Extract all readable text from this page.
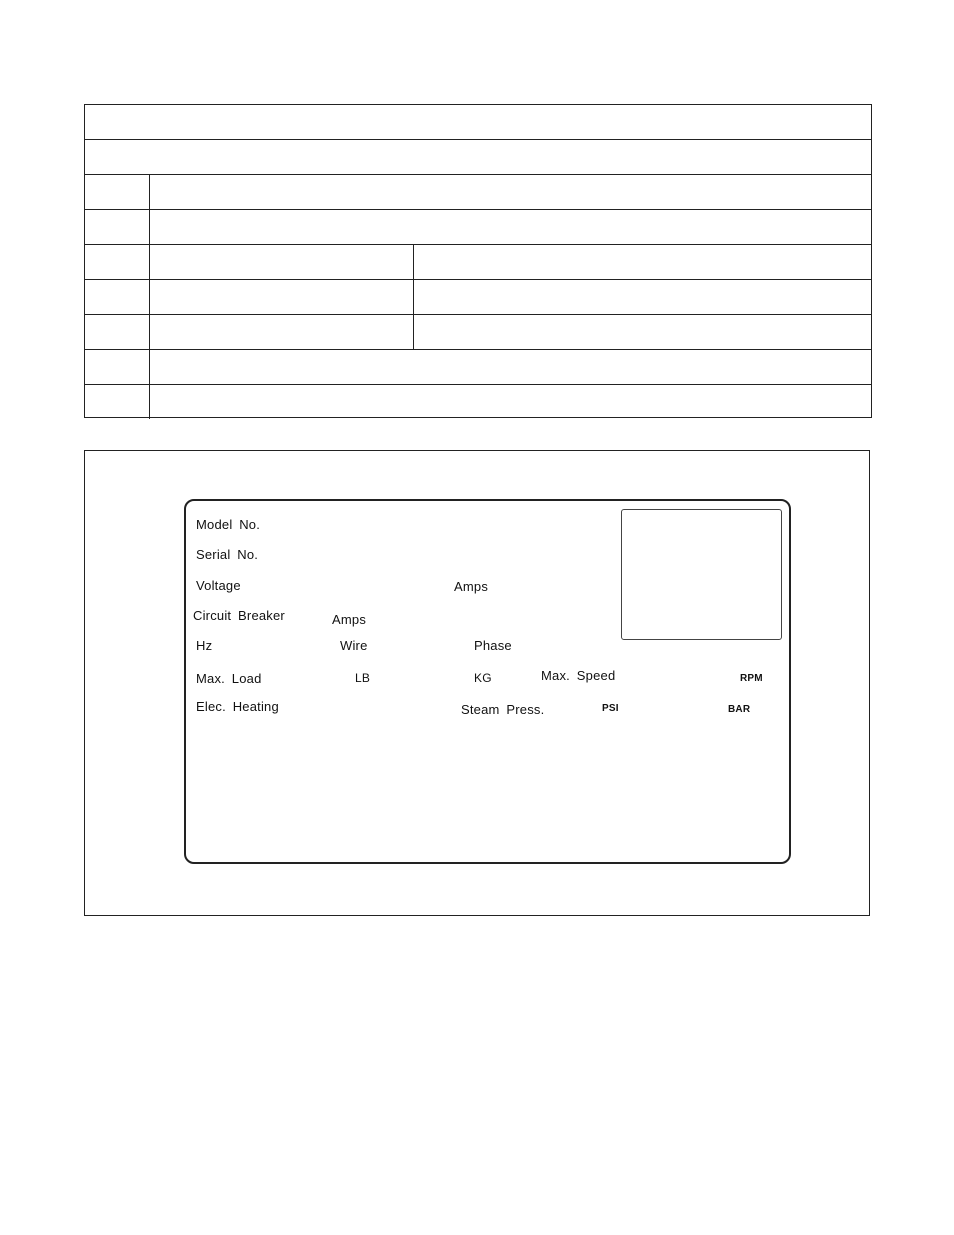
Model No.
Serial No.
Voltage	Amps
Circuit Breaker	Amps
Hz	Wire	Phase
Max. Load	LB	KG	Max. Speed	RPM
Elec. Heating	Steam Press.	PSI	BAR
